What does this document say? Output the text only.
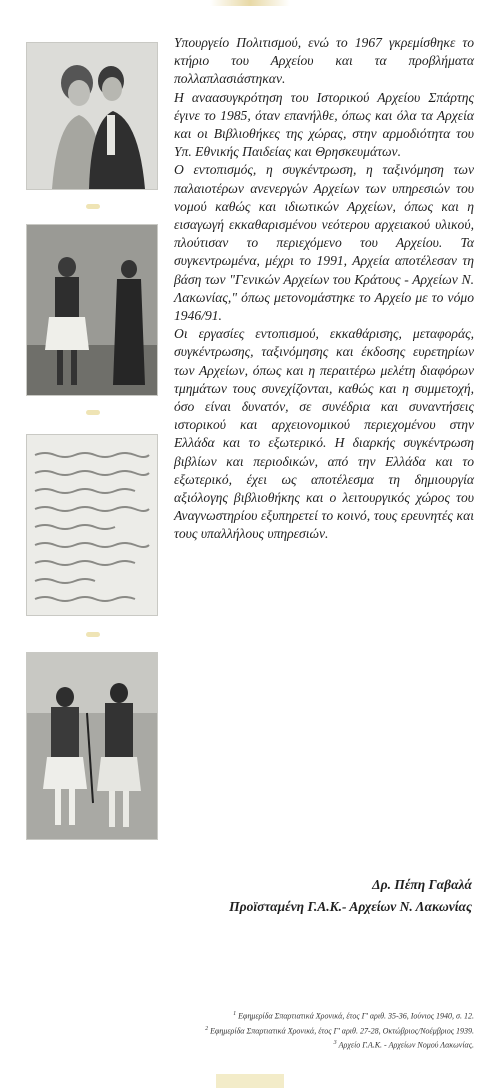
Υπουργείο Πολιτισμού, ενώ το 1967 γκρεμίσθηκε το κτήριο του Αρχείου και τα προβλήματα πολλαπλασιάστηκαν.

Η αναασυγκρότηση του Ιστορικού Αρχείου Σπάρτης έγινε το 1985, όταν επανήλθε, όπως και όλα τα Αρχεία και οι Βιβλιοθήκες της χώρας, στην αρμοδιότητα του Υπ. Εθνικής Παιδείας και Θρησκευμάτων.

Ο εντοπισμός, η συγκέντρωση, η ταξινόμηση των παλαιοτέρων ανενεργών Αρχείων των υπηρεσιών του νομού καθώς και ιδιωτικών Αρχείων, όπως και η εισαγωγή εκκαθαρισμένου νεότερου αρχειακού υλικού, πλούτισαν το περιεχόμενο του Αρχείου. Τα συγκεντρωμένα, μέχρι το 1991, Αρχεία αποτέλεσαν τη βάση των "Γενικών Αρχείων του Κράτους - Αρχείων Ν. Λακωνίας," όπως μετονομάστηκε το Αρχείο με το νόμο 1946/91.

Οι εργασίες εντοπισμού, εκκαθάρισης, μεταφοράς, συγκέντρωσης, ταξινόμησης και έκδοσης ευρετηρίων των Αρχείων, όπως και η περαιτέρω μελέτη διαφόρων τμημάτων τους συνεχίζονται, καθώς και η συμμετοχή, όσο είναι δυνατόν, σε συνέδρια και συναντήσεις ιστορικού και αρχειονομικού περιεχομένου στην Ελλάδα και το εξωτερικό. Η διαρκής συγκέντρωση βιβλίων και περιοδικών, από την Ελλάδα και το εξωτερικό, έχει ως αποτέλεσμα τη δημιουργία αξιόλογης βιβλιοθήκης και ο λειτουργικός χώρος του Αναγνωστηρίου εξυπηρετεί το κοινό, τους ερευνητές και τους υπαλλήλους υπηρεσιών.

Δρ. Πέπη Γαβαλά
Προϊσταμένη Γ.Α.Κ.- Αρχείων Ν. Λακωνίας
$^1$ Εφημερίδα Σπαρτιατικά Χρονικά, έτος Γ' αριθ. 35-36, Ιούνιος 1940, σ. 12.
$^2$ Εφημερίδα Σπαρτιατικά Χρονικά, έτος Γ' αριθ. 27-28, Οκτώβριος/Νοέμβριος 1939.
$^3$ Αρχείο Γ.Α.Κ. - Αρχείων Νομού Λακωνίας.
